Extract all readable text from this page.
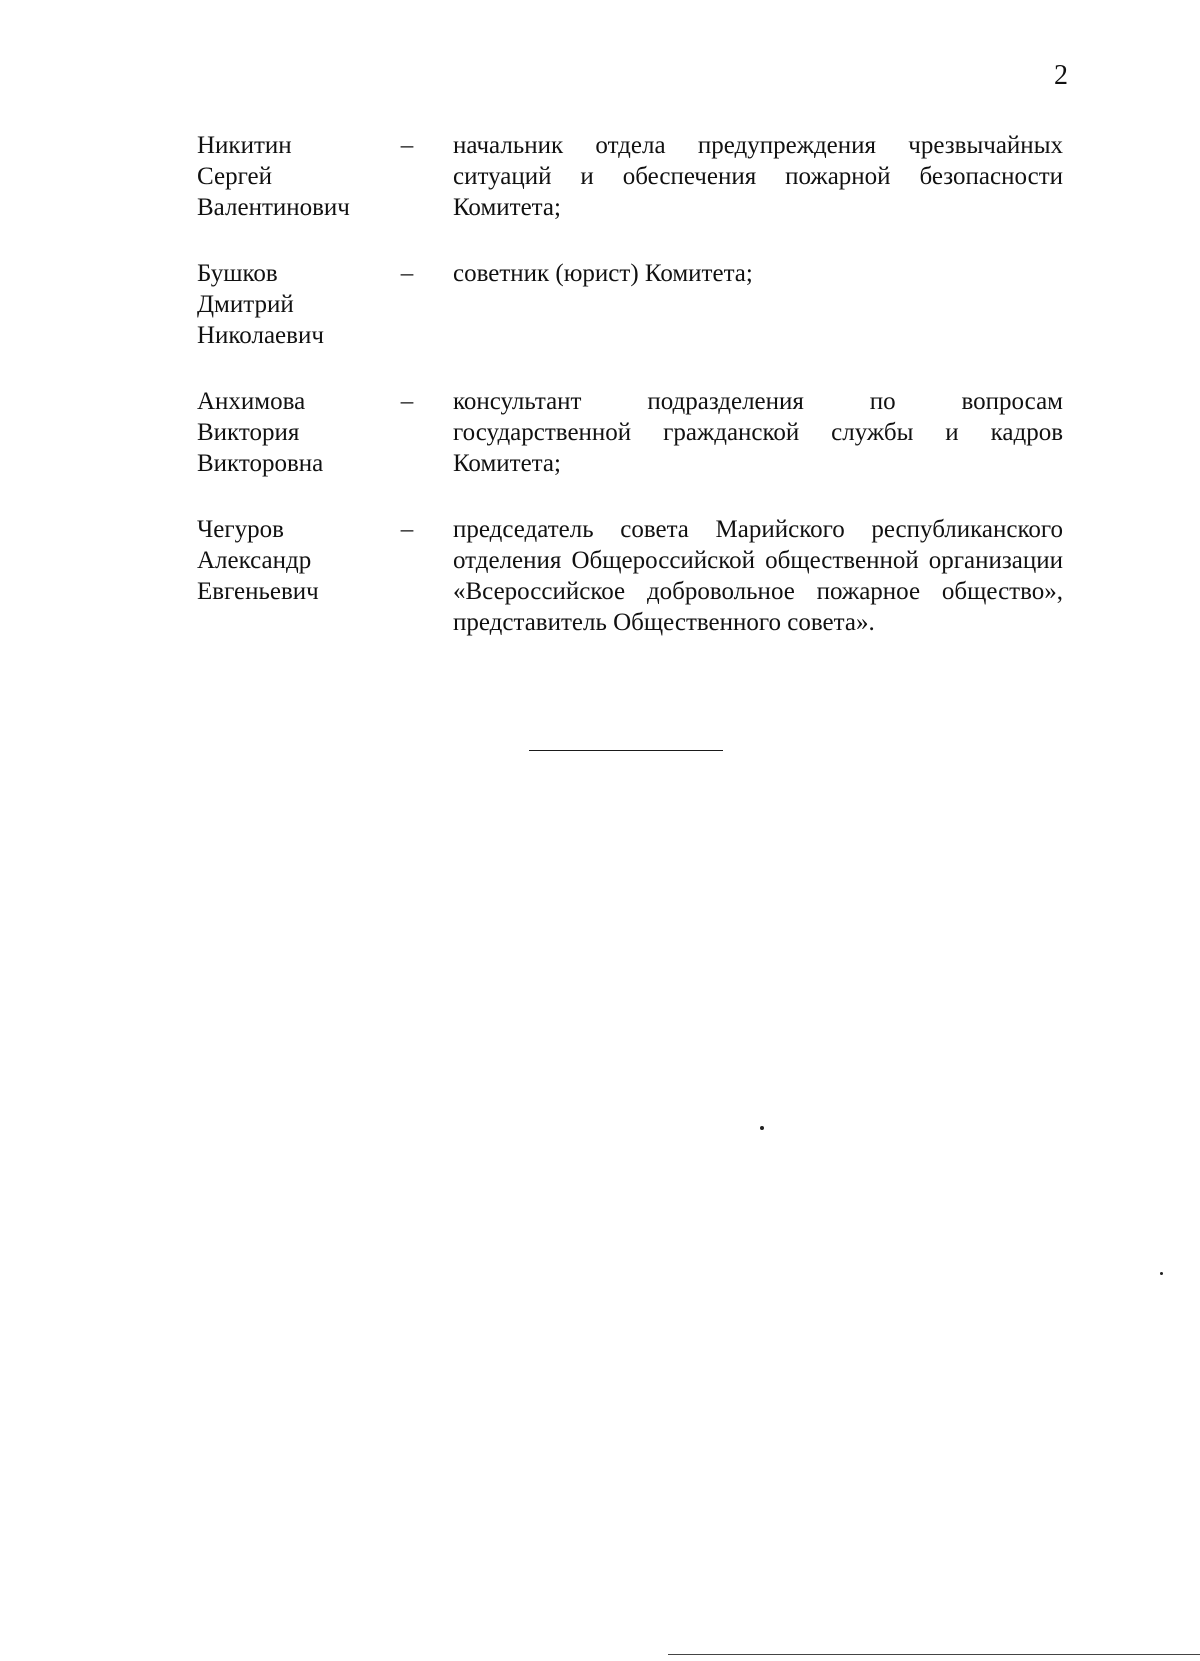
2
Никитин
Сергей
Валентинович
– начальник отдела предупреждения чрезвычайных ситуаций и обеспечения пожарной безопасности Комитета;
Бушков
Дмитрий
Николаевич
– советник (юрист) Комитета;
Анхимова
Виктория
Викторовна
– консультант подразделения по вопросам государственной гражданской службы и кадров Комитета;
Чегуров
Александр
Евгеньевич
– председатель совета Марийского республиканского отделения Общероссийской общественной организации «Всероссийское добровольное пожарное общество», представитель Общественного совета».
